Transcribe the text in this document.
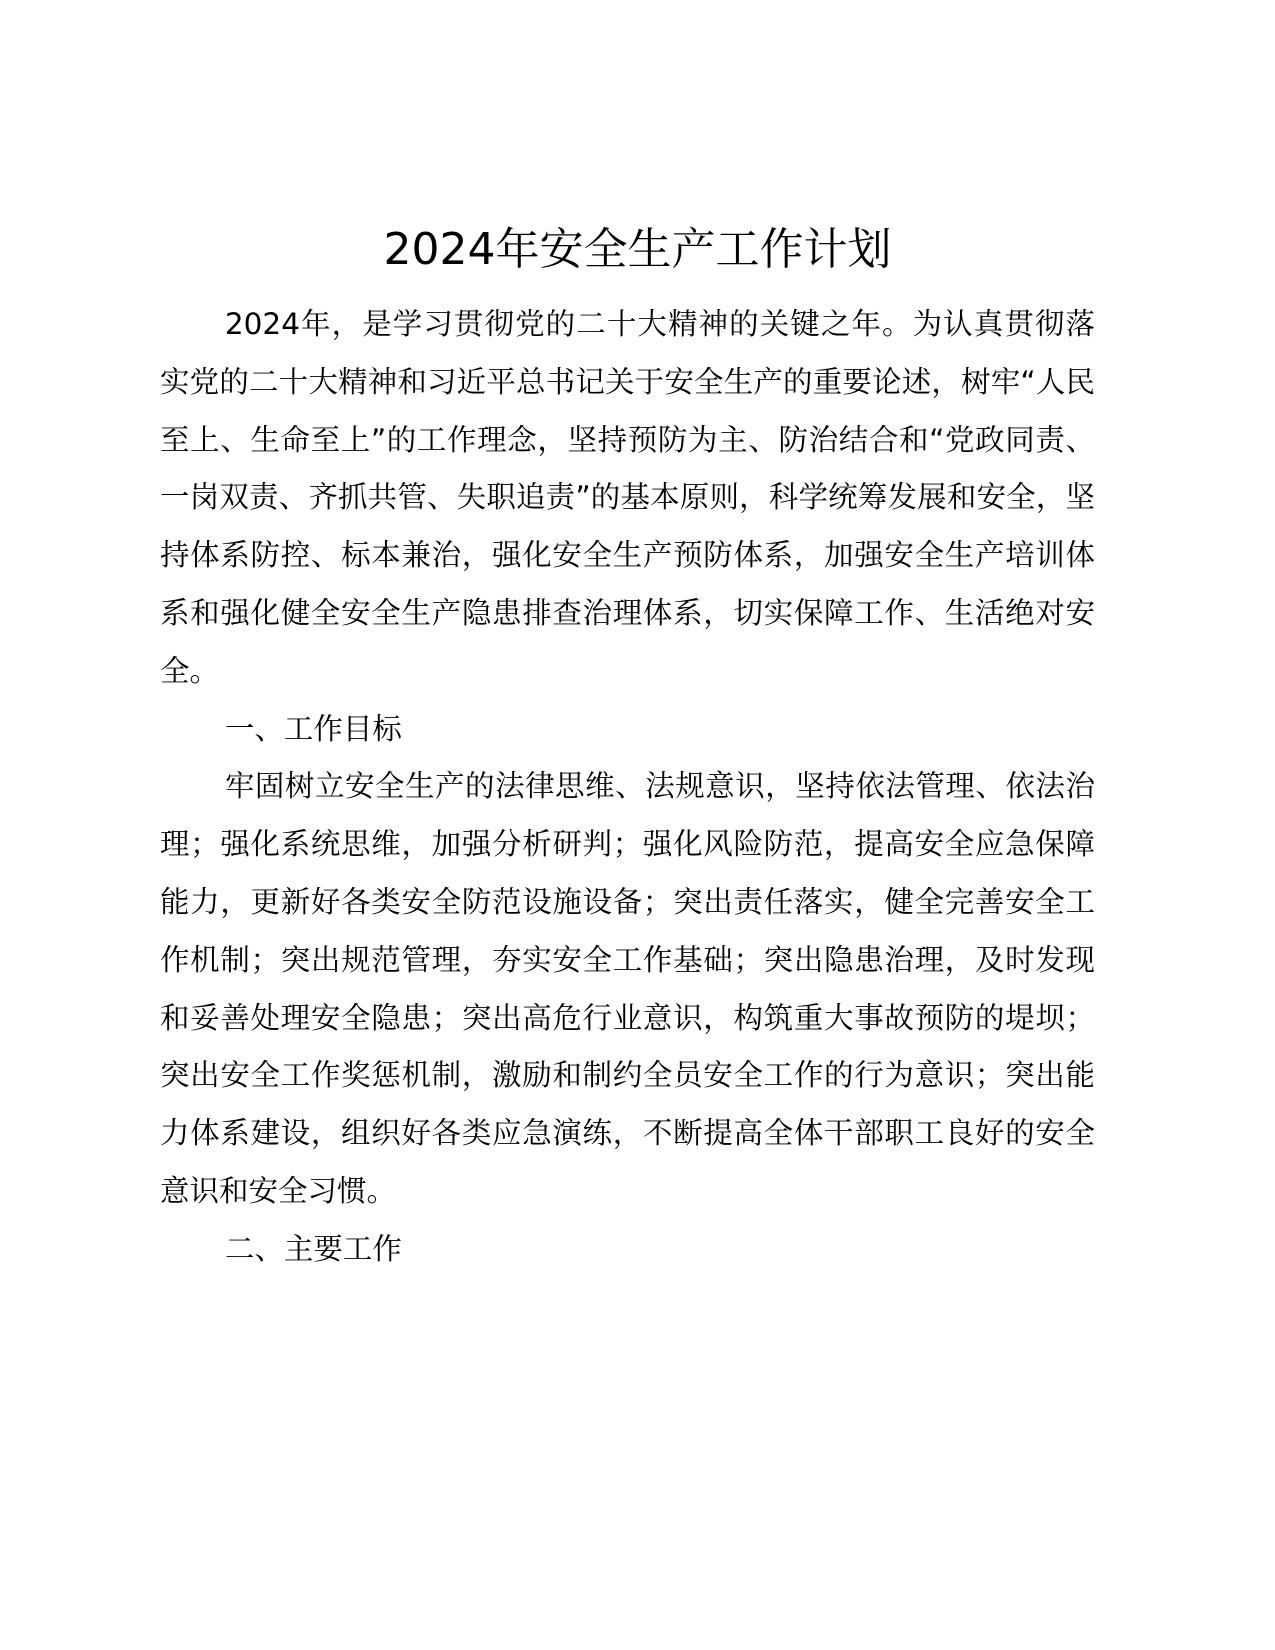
2024年安全生产工作计划

2024年，是学习贯彻党的二十大精神的关键之年。为认真贯彻落实党的二十大精神和习近平总书记关于安全生产的重要论述，树牢“人民至上、生命至上”的工作理念，坚持预防为主、防治结合和“党政同责、一岗双责、齐抓共管、失职追责”的基本原则，科学统筹发展和安全，坚持体系防控、标本兼治，强化安全生产预防体系，加强安全生产培训体系和强化健全安全生产隐患排查治理体系，切实保障工作、生活绝对安全。

一、工作目标

牢固树立安全生产的法律思维、法规意识，坚持依法管理、依法治理；强化系统思维，加强分析研判；强化风险防范，提高安全应急保障能力，更新好各类安全防范设施设备；突出责任落实，健全完善安全工作机制；突出规范管理，夯实安全工作基础；突出隐患治理，及时发现和妥善处理安全隐患；突出高危行业意识，构筑重大事故预防的堤坝；突出安全工作奖惩机制，激励和制约全员安全工作的行为意识；突出能力体系建设，组织好各类应急演练，不断提高全体干部职工良好的安全意识和安全习惯。

二、主要工作
